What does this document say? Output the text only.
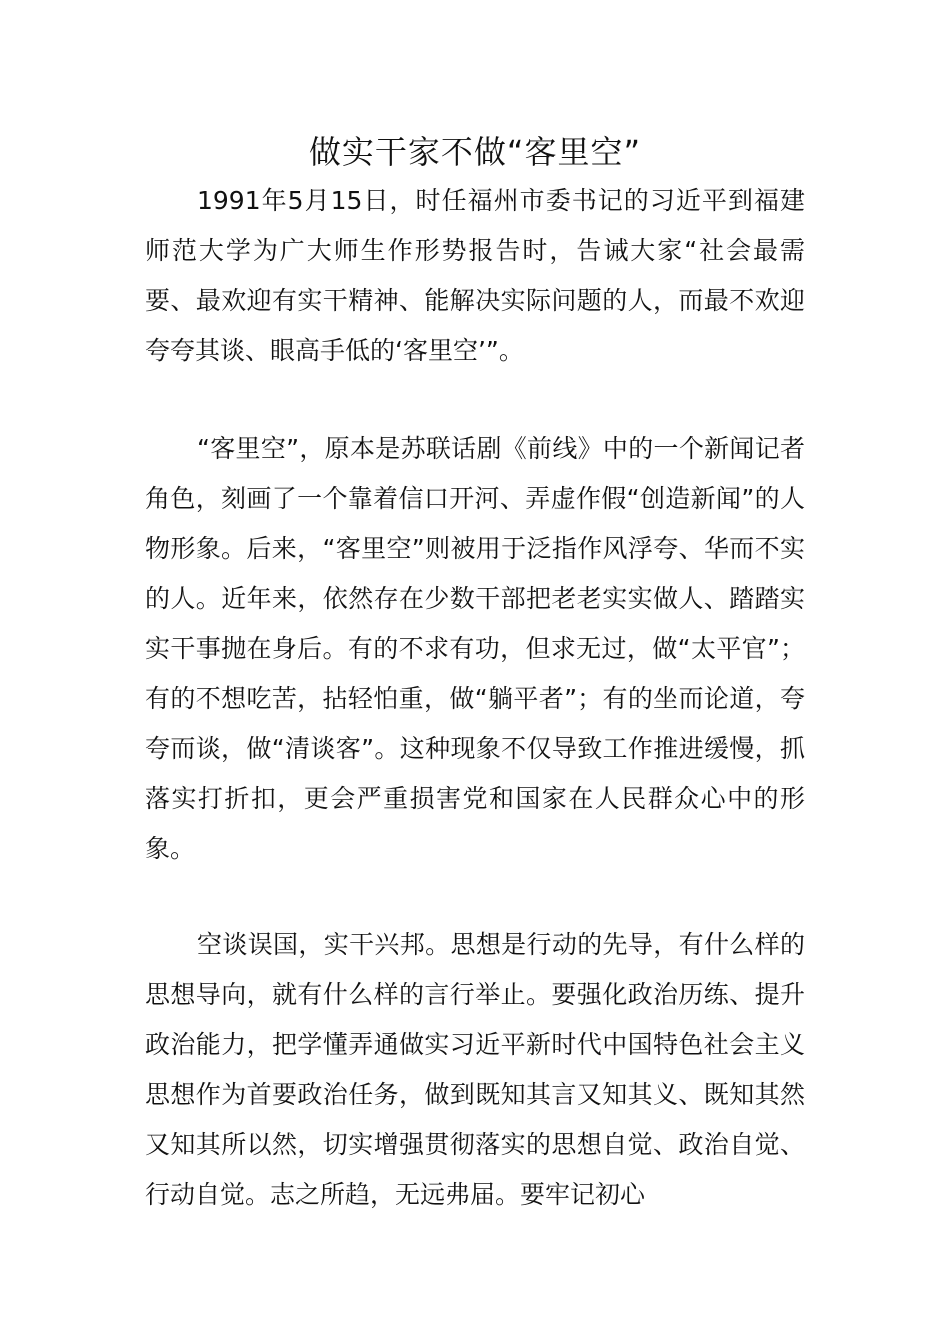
做实干家不做“客里空”

1991年5月15日，时任福州市委书记的习近平到福建师范大学为广大师生作形势报告时，告诫大家“社会最需要、最欢迎有实干精神、能解决实际问题的人，而最不欢迎夸夸其谈、眼高手低的‘客里空’”。

“客里空”，原本是苏联话剧《前线》中的一个新闻记者角色，刻画了一个靠着信口开河、弄虚作假“创造新闻”的人物形象。后来，“客里空”则被用于泛指作风浮夸、华而不实的人。近年来，依然存在少数干部把老老实实做人、踏踏实实干事抛在身后。有的不求有功，但求无过，做“太平官”；有的不想吃苦，拈轻怕重，做“躺平者”；有的坐而论道，夸夸而谈，做“清谈客”。这种现象不仅导致工作推进缓慢，抓落实打折扣，更会严重损害党和国家在人民群众心中的形象。

空谈误国，实干兴邦。思想是行动的先导，有什么样的思想导向，就有什么样的言行举止。要强化政治历练、提升政治能力，把学懂弄通做实习近平新时代中国特色社会主义思想作为首要政治任务，做到既知其言又知其义、既知其然又知其所以然，切实增强贯彻落实的思想自觉、政治自觉、行动自觉。志之所趋，无远弗届。要牢记初心
